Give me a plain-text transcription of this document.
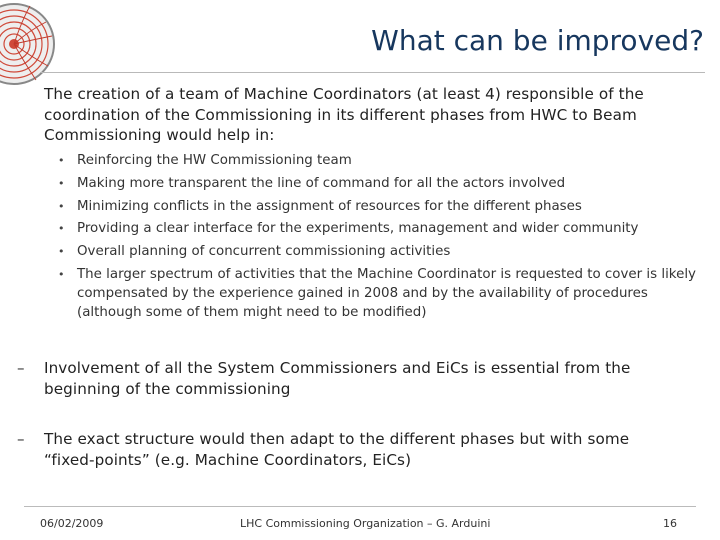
What can be improved?
The creation of a team of Machine Coordinators (at least 4) responsible of the coordination of the Commissioning in its different phases from HWC to Beam Commissioning would help in:
• Reinforcing the HW Commissioning team
• Making more transparent the line of command for all the actors involved
• Minimizing conflicts in the assignment of resources for the different phases
• Providing a clear interface for the experiments, management and wider community
• Overall planning of concurrent commissioning activities
• The larger spectrum of activities that the Machine Coordinator is requested to cover is likely compensated by the experience gained in 2008 and by the availability of procedures (although some of them might need to be modified)
– Involvement of all the System Commissioners and EiCs is essential from the beginning of the commissioning
– The exact structure would then adapt to the different phases but with some “fixed-points” (e.g. Machine Coordinators, EiCs)
06/02/2009	LHC Commissioning Organization – G. Arduini	16
